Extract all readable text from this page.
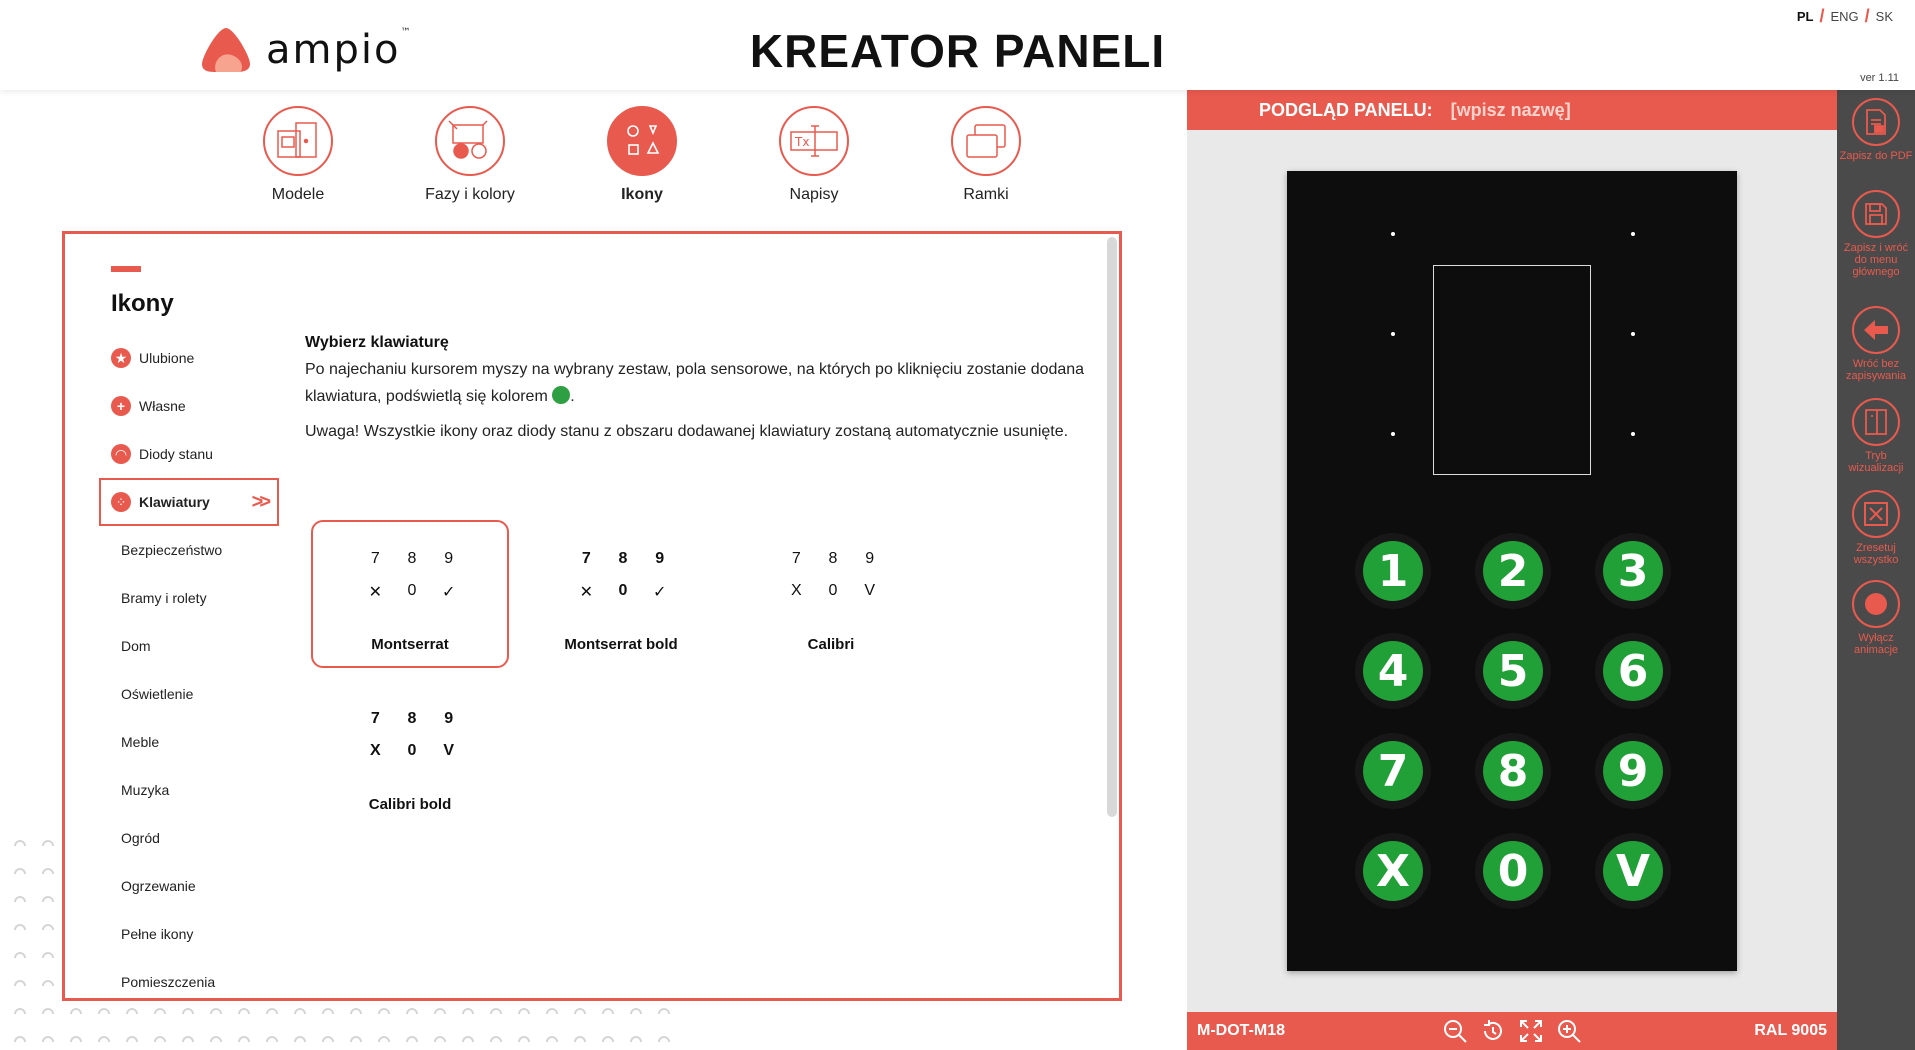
ampio™	KREATOR PANELI
PL / ENG / SK
ver 1.11
Modele	Fazy i kolory	Ikony
Tx
Napisy	Ramki
Ikony
★ Ulubione
+ Własne
◠ Diody stanu
⁘	Klawiatury >>
Bezpieczeństwo
Bramy i rolety
Dom
Oświetlenie
Meble
Muzyka
Ogród
Ogrzewanie
Pełne ikony
Pomieszczenia
Wybierz klawiaturę

Po najechaniu kursorem myszy na wybrany zestaw, pola sensorowe, na których po kliknięciu zostanie dodana klawiatura, podświetlą się kolorem .

Uwaga! Wszystkie ikony oraz diody stanu z obszaru dodawanej klawiatury zostaną automatycznie usunięte.

7	8	9
✕	0	✓
Montserrat
7	8	9
✕	0	✓
Montserrat bold
7	8	9
X	0	V
Calibri
7	8	9
X	0	V
Calibri bold
PODGLĄD PANELU: [wpisz nazwę]
1	2	3
4	5	6
7	8	9
X	0	V
M-DOT-M18	RAL 9005
Zapisz do PDF
Zapisz i wróć do menu głównego
Wróć bez zapisywania
Tryb wizualizacji
Zresetuj wszystko
Wyłącz animacje
